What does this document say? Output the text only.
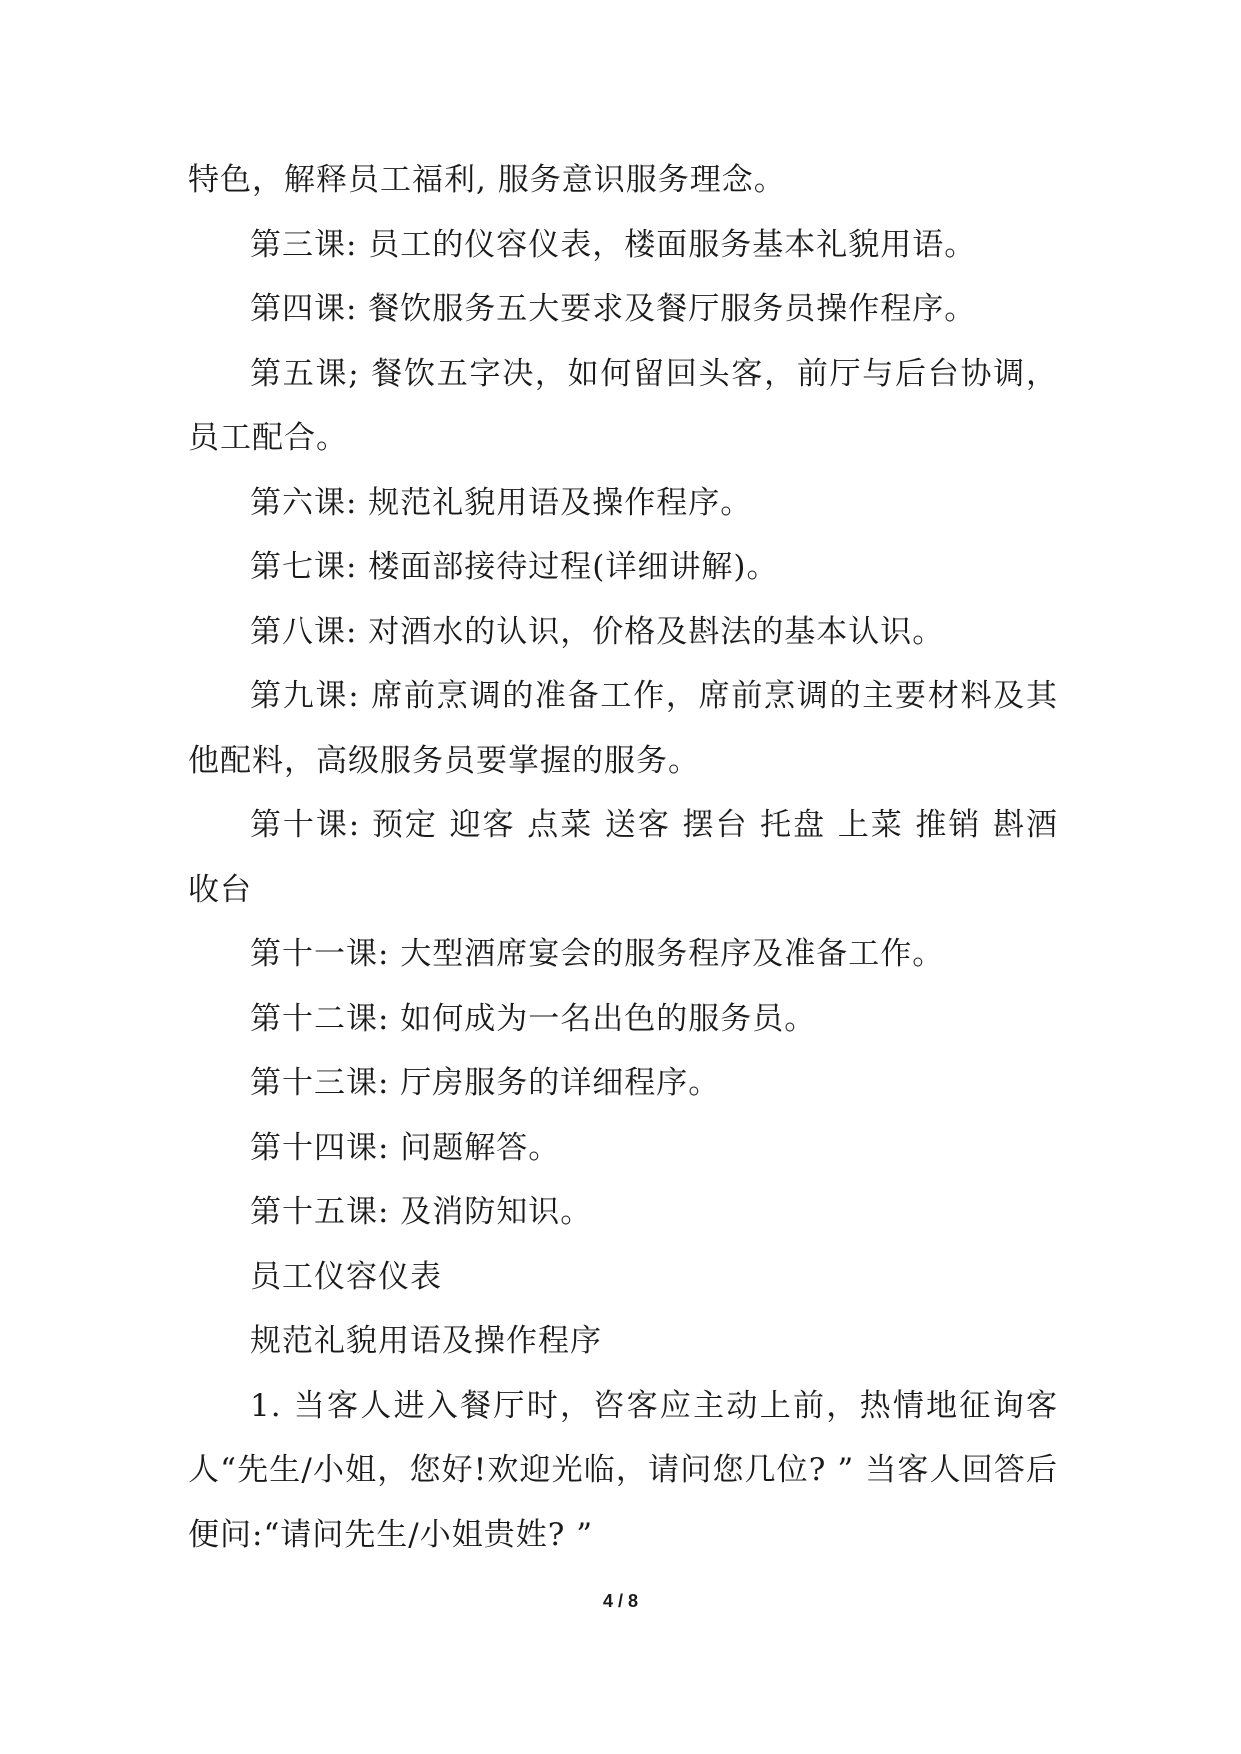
特色，解释员工福利, 服务意识服务理念。

第三课: 员工的仪容仪表，楼面服务基本礼貌用语。

第四课: 餐饮服务五大要求及餐厅服务员操作程序。

第五课; 餐饮五字决，如何留回头客，前厅与后台协调，员工配合。

第六课: 规范礼貌用语及操作程序。

第七课: 楼面部接待过程(详细讲解)。

第八课: 对酒水的认识，价格及斟法的基本认识。

第九课: 席前烹调的准备工作，席前烹调的主要材料及其他配料，高级服务员要掌握的服务。

第十课: 预定 迎客 点菜 送客 摆台 托盘 上菜 推销 斟酒 收台

第十一课: 大型酒席宴会的服务程序及准备工作。

第十二课: 如何成为一名出色的服务员。

第十三课: 厅房服务的详细程序。

第十四课: 问题解答。

第十五课: 及消防知识。

员工仪容仪表

规范礼貌用语及操作程序

1. 当客人进入餐厅时，咨客应主动上前，热情地征询客人“先生/小姐，您好!欢迎光临，请问您几位? ” 当客人回答后便问:“请问先生/小姐贵姓? ”

4 / 8
